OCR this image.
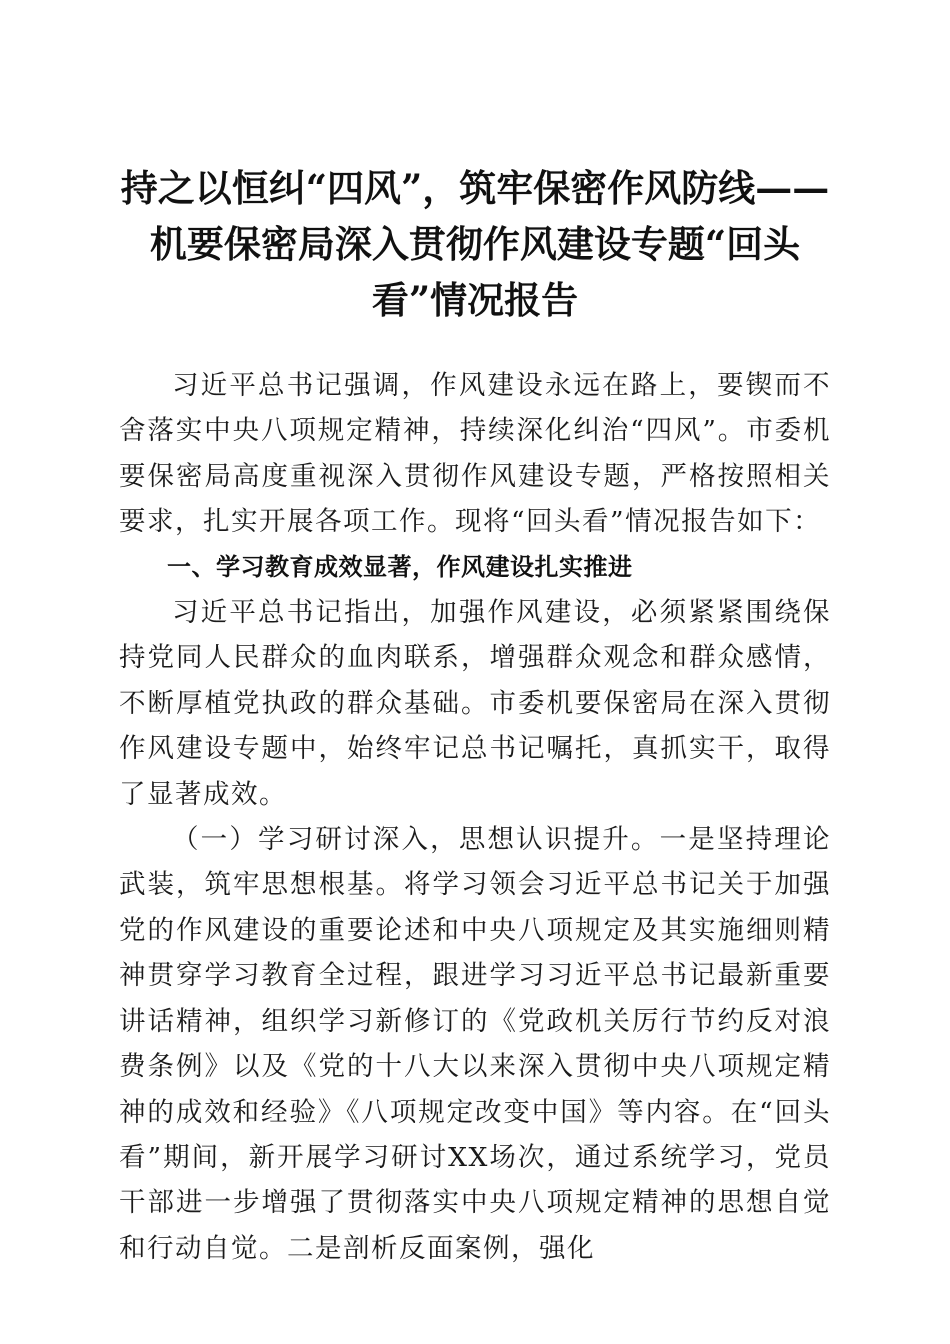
持之以恒纠“四风”，筑牢保密作风防线——
机要保密局深入贯彻作风建设专题“回头
看”情况报告

习近平总书记强调，作风建设永远在路上，要锲而不舍落实中央八项规定精神，持续深化纠治“四风”。市委机要保密局高度重视深入贯彻作风建设专题，严格按照相关要求，扎实开展各项工作。现将“回头看”情况报告如下：

一、学习教育成效显著，作风建设扎实推进

习近平总书记指出，加强作风建设，必须紧紧围绕保持党同人民群众的血肉联系，增强群众观念和群众感情，不断厚植党执政的群众基础。市委机要保密局在深入贯彻作风建设专题中，始终牢记总书记嘱托，真抓实干，取得了显著成效。

（一）学习研讨深入，思想认识提升。一是坚持理论武装，筑牢思想根基。将学习领会习近平总书记关于加强党的作风建设的重要论述和中央八项规定及其实施细则精神贯穿学习教育全过程，跟进学习习近平总书记最新重要讲话精神，组织学习新修订的《党政机关厉行节约反对浪费条例》以及《党的十八大以来深入贯彻中央八项规定精神的成效和经验》《八项规定改变中国》等内容。在“回头看”期间，新开展学习研讨XX场次，通过系统学习，党员干部进一步增强了贯彻落实中央八项规定精神的思想自觉和行动自觉。二是剖析反面案例，强化
